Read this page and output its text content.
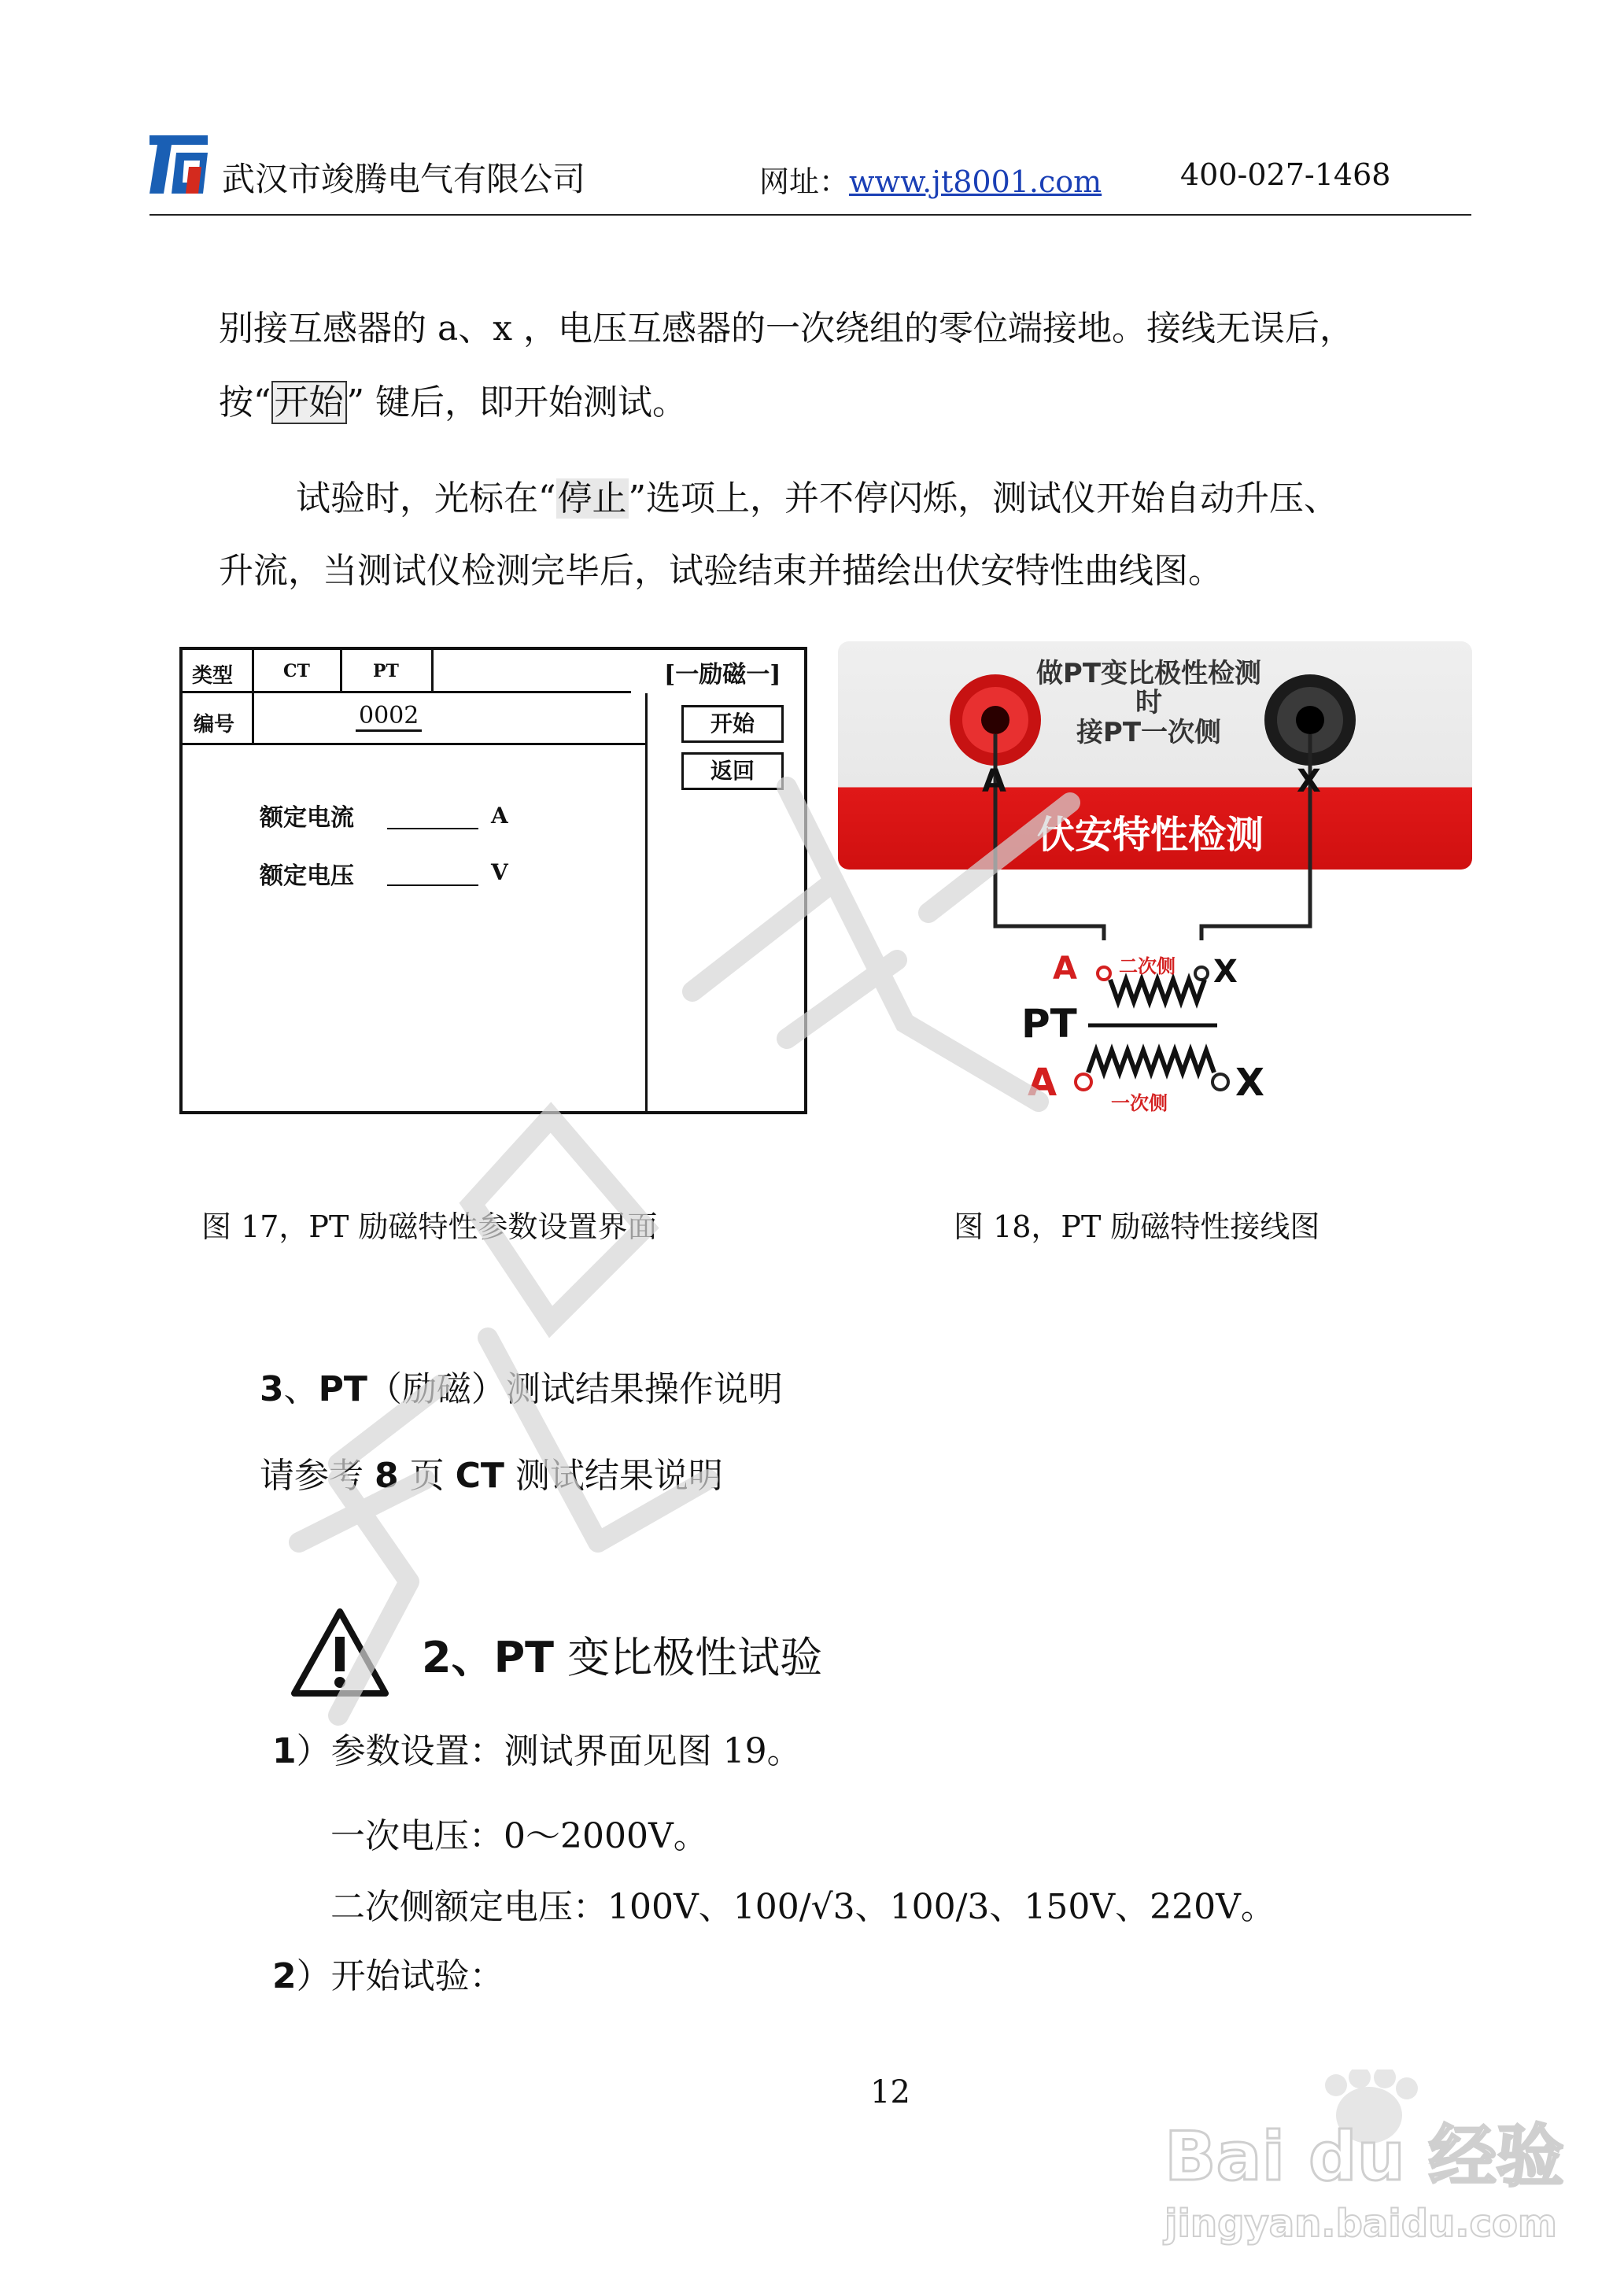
武汉市竣腾电气有限公司	网址：www.jt8001.com	400-027-1468
别接互感器的 a、x ，电压互感器的一次绕组的零位端接地。接线无误后，
按“开始” 键后，即开始测试。
试验时，光标在“停止”选项上，并不停闪烁，测试仪开始自动升压、
升流，当测试仪检测完毕后，试验结束并描绘出伏安特性曲线图。
类型	CT	PT	[一励磁一]
编号	0002	开始
返回
额定电流	A
额定电压	V
图 17，PT 励磁特性参数设置界面
做PT变比极性检测时
接PT一次侧
A	X
伏安特性检测
A 二次侧 X
PT
A	一次侧 X
图 18，PT 励磁特性接线图
3、PT（励磁）测试结果操作说明
请参考 8 页 CT 测试结果说明
2、PT 变比极性试验
1）参数设置：测试界面见图 19。
一次电压：0～2000V。
二次侧额定电压：100V、100/√3、100/3、150V、220V。
2）开始试验：
12
Bai du 经验
jingyan.baidu.com
